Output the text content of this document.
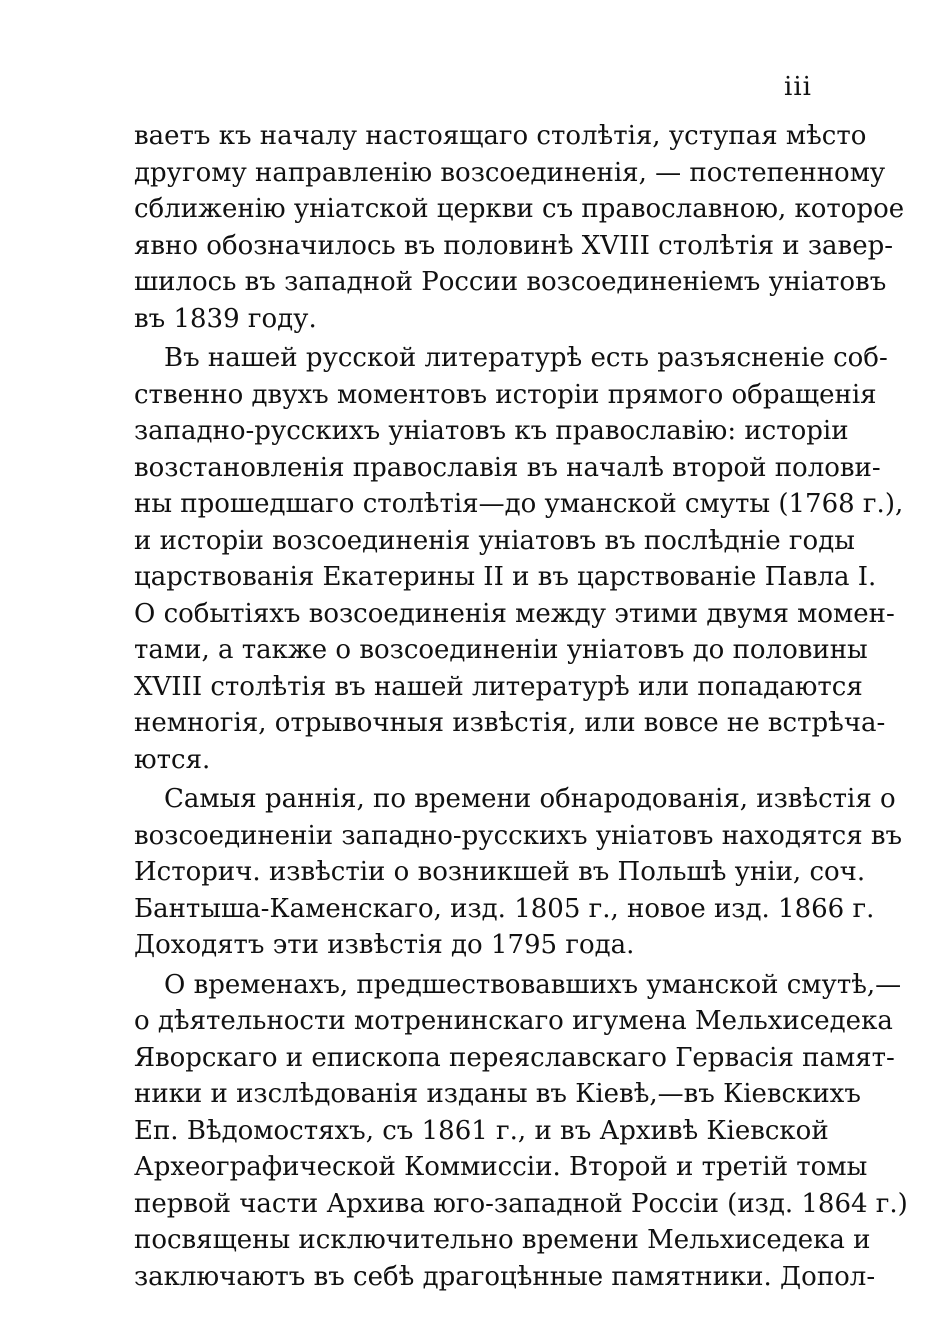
iii
ваетъ къ началу настоящаго столѣтія, уступая мѣсто
другому направленію возсоединенія, — постепенному
сближенію уніатской церкви съ православною, которое
явно обозначилось въ половинѣ XVIII столѣтія и завер-
шилось въ западной России возсоединеніемъ уніатовъ
въ 1839 году.
Въ нашей русской литературѣ есть разъясненіе соб-
ственно двухъ моментовъ исторіи прямого обращенія
западно-русскихъ уніатовъ къ православію: исторіи
возстановленія православія въ началѣ второй полови-
ны прошедшаго столѣтія—до уманской смуты (1768 г.),
и исторіи возсоединенія уніатовъ въ послѣдніе годы
царствованія Екатерины II и въ царствованіе Павла I.
О событіяхъ возсоединенія между этими двумя момен-
тами, а также о возсоединеніи уніатовъ до половины
XVIII столѣтія въ нашей литературѣ или попадаются
немногія, отрывочныя извѣстія, или вовсе не встрѣча-
ются.
Самыя раннія, по времени обнародованія, извѣстія о
возсоединеніи западно-русскихъ уніатовъ находятся въ
Историч. извѣстіи о возникшей въ Польшѣ уніи, соч.
Бантыша-Каменскаго, изд. 1805 г., новое изд. 1866 г.
Доходятъ эти извѣстія до 1795 года.
О временахъ, предшествовавшихъ уманской смутѣ,—
о дѣятельности мотренинскаго игумена Мельхиседека
Яворскаго и епископа переяславскаго Гервасія памят-
ники и изслѣдованія изданы въ Кіевѣ,—въ Кіевскихъ
Еп. Вѣдомостяхъ, съ 1861 г., и въ Архивѣ Кіевской
Археографической Коммиссіи. Второй и третій томы
первой части Архива юго-западной Россіи (изд. 1864 г.)
посвящены исключительно времени Мельхиседека и
заключаютъ въ себѣ драгоцѣнные памятники. Допол-
